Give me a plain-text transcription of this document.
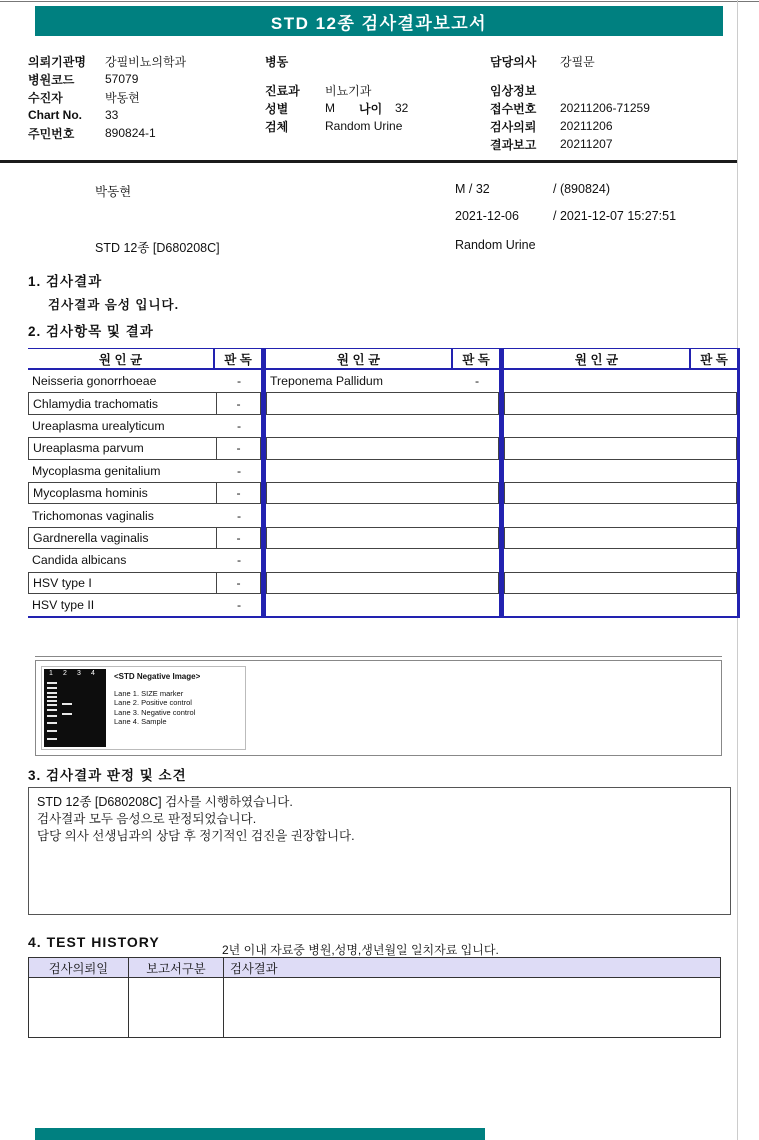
STD 12종 검사결과보고서
의뢰기관명	강필비뇨의학과
병원코드	57079
수진자	박동현
Chart No.	33
주민번호	890824-1
병동
진료과	비뇨기과
성별	M 나이	32
검체	Random Urine
담당의사	강필문
임상정보
접수번호	20211206-71259
검사의뢰	20211206
결과보고	20211207
박동현	M / 32	/ (890824)
2021-12-06	/ 2021-12-07 15:27:51
STD 12종 [D680208C]	Random Urine
1. 검사결과
검사결과 음성 입니다.
2. 검사항목 및 결과
원 인 균	판 독
Neisseria gonorrhoeae	-
Chlamydia trachomatis	-
Ureaplasma urealyticum	-
Ureaplasma parvum	-
Mycoplasma genitalium	-
Mycoplasma hominis	-
Trichomonas vaginalis	-
Gardnerella vaginalis	-
Candida albicans	-
HSV type I	-
HSV type II	-
원 인 균	판 독
Treponema Pallidum	-
원 인 균	판 독
1 2 3 4 <STD Negative Image>
Lane 1. SIZE marker
Lane 2. Positive control
Lane 3. Negative control
Lane 4. Sample
3. 검사결과 판정 및 소견
STD 12종 [D680208C] 검사를 시행하였습니다.
검사결과 모두 음성으로 판정되었습니다.
담당 의사 선생님과의 상담 후 정기적인 검진을 권장합니다.
4. TEST HISTORY	2년 이내 자료중 병원,성명,생년월일 일치자료 입니다.
검사의뢰일	보고서구분	검사결과
